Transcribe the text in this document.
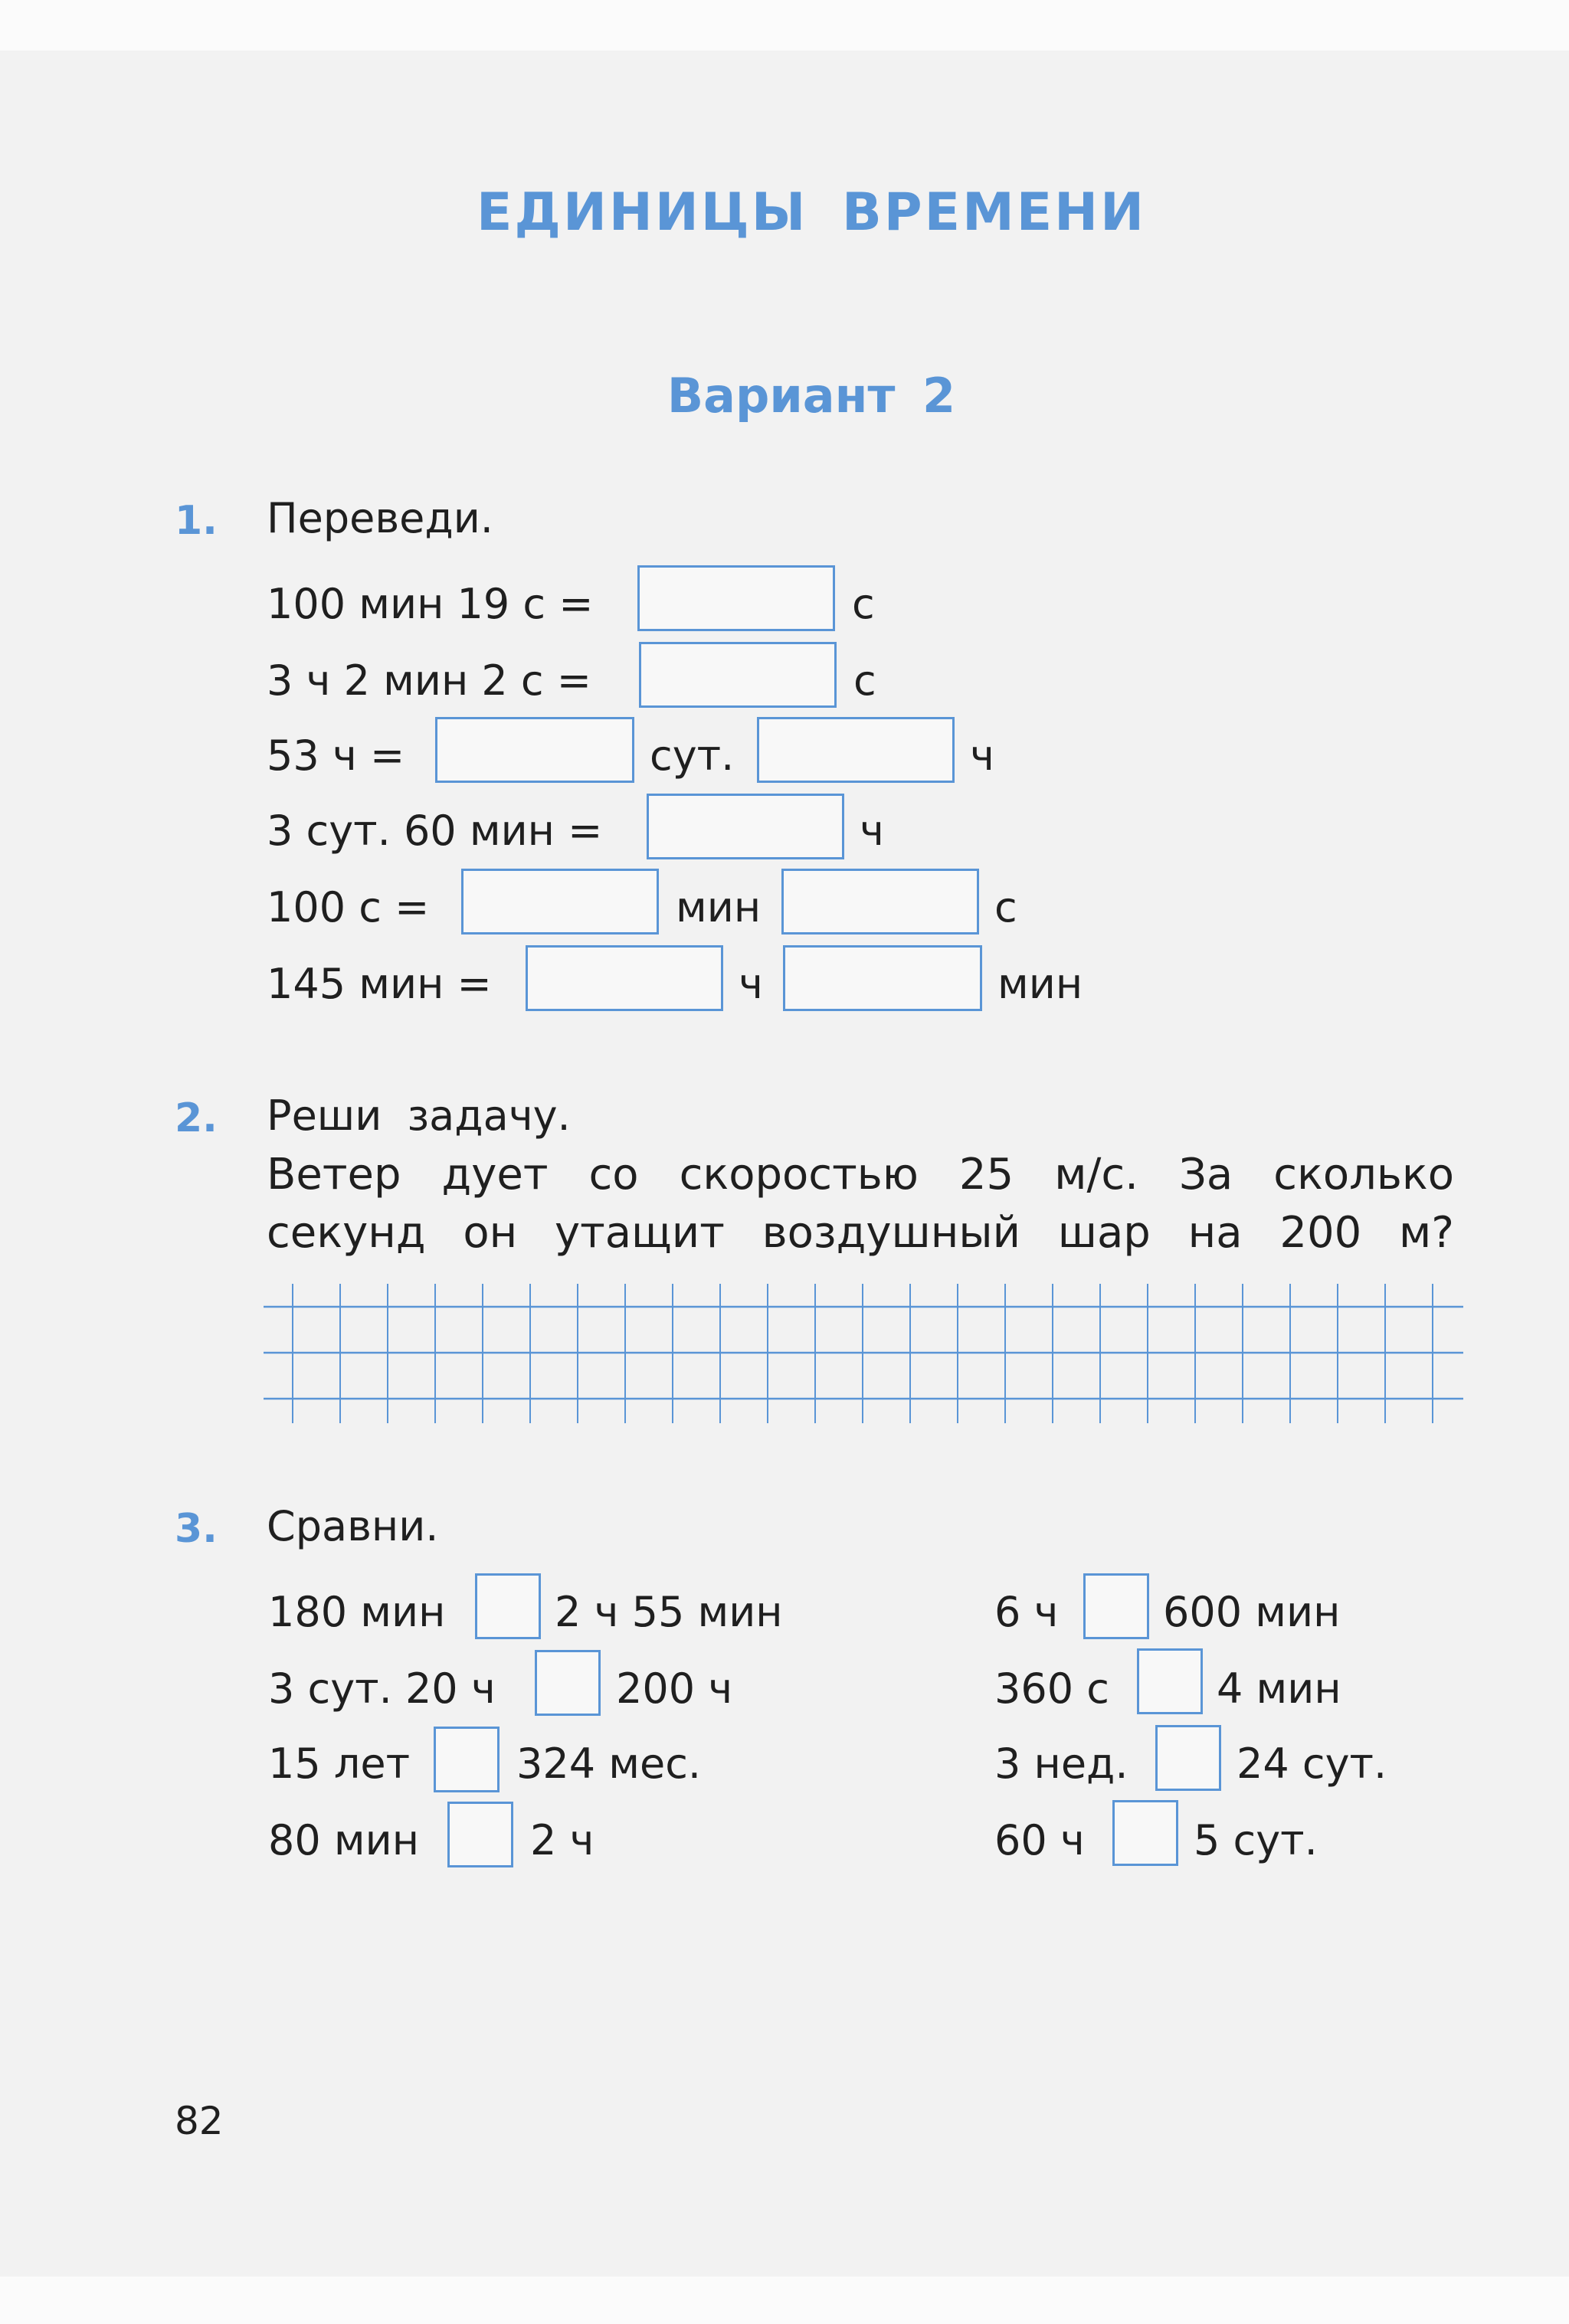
ЕДИНИЦЫ ВРЕМЕНИ
Вариант 2
1. Переведи.
100 мин 19 с =	с
3 ч 2 мин 2 с =	с
53 ч =	сут.	ч
3 сут. 60 мин =	ч
100 с =	мин	с
145 мин =	ч	мин
2. Реши задачу.
Ветер дует со скоростью 25 м/с. За сколько
секунд он утащит воздушный шар на 200 м?
3. Сравни.
180 мин	2 ч 55 мин
3 сут. 20 ч	200 ч
15 лет	324 мес.
80 мин	2 ч
6 ч	600 мин
360 с	4 мин
3 нед.	24 сут.
60 ч	5 сут.
82
